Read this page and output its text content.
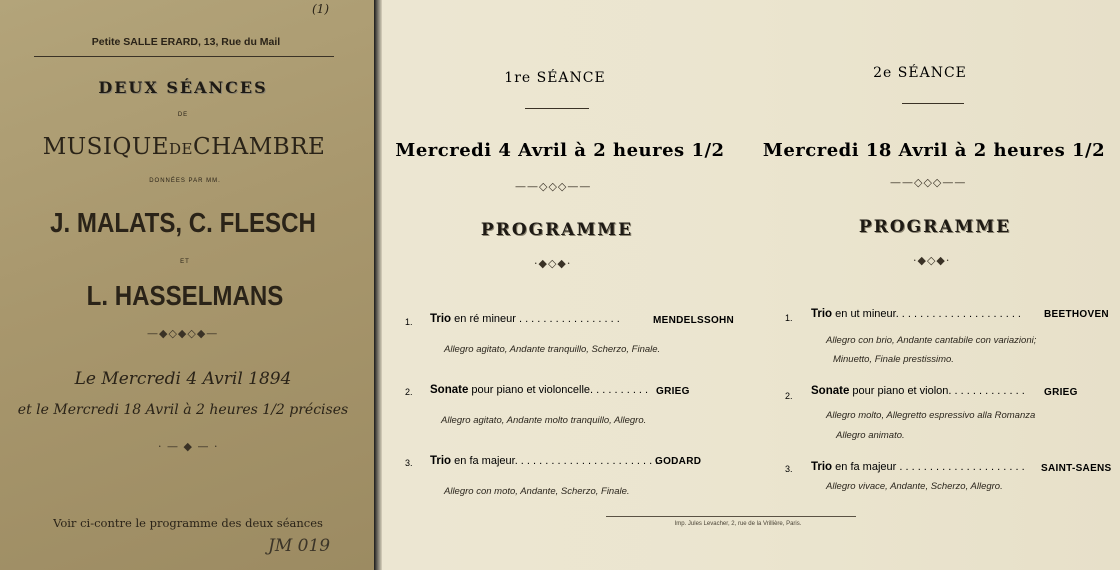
(1)
Petite SALLE ERARD, 13, Rue du Mail
DEUX SÉANCES
DE
MUSIQUEDECHAMBRE
DONNÉES PAR MM.
J. MALATS, C. FLESCH
ET
L. HASSELMANS
—◆◇◆◇◆—
Le Mercredi 4 Avril 1894
et le Mercredi 18 Avril à 2 heures 1/2 précises
· — ◆ — ·
Voir ci-contre le programme des deux séances
JM 019
1re SÉANCE
Mercredi 4 Avril à 2 heures 1/2
——◇◇◇——
PROGRAMME
·◆◇◆·
1. Trio en ré mineur . . . . . . . . . . . . . . . . .	MENDELSSOHN
Allegro agitato, Andante tranquillo, Scherzo, Finale.
2. Sonate pour piano et violoncelle. . . . . . . . . . GRIEG
Allegro agitato, Andante molto tranquillo, Allegro.
3. Trio en fa majeur. . . . . . . . . . . . . . . . . . . . . . . .
GODARD
Allegro con moto, Andante, Scherzo, Finale.
2e SÉANCE
Mercredi 18 Avril à 2 heures 1/2
——◇◇◇——
PROGRAMME
·◆◇◆·
1. Trio en ut mineur. . . . . . . . . . . . . . . . . . . . . BEETHOVEN
Allegro con brio, Andante cantabile con variazioni;
Minuetto, Finale prestissimo.
2. Sonate pour piano et violon. . . . . . . . . . . . . GRIEG
Allegro molto, Allegretto espressivo alla Romanza
Allegro animato.
3. Trio en fa majeur . . . . . . . . . . . . . . . . . . . . . SAINT-SAENS
Allegro vivace, Andante, Scherzo, Allegro.
Imp. Jules Levacher, 2, rue de la Vrillière, Paris.
